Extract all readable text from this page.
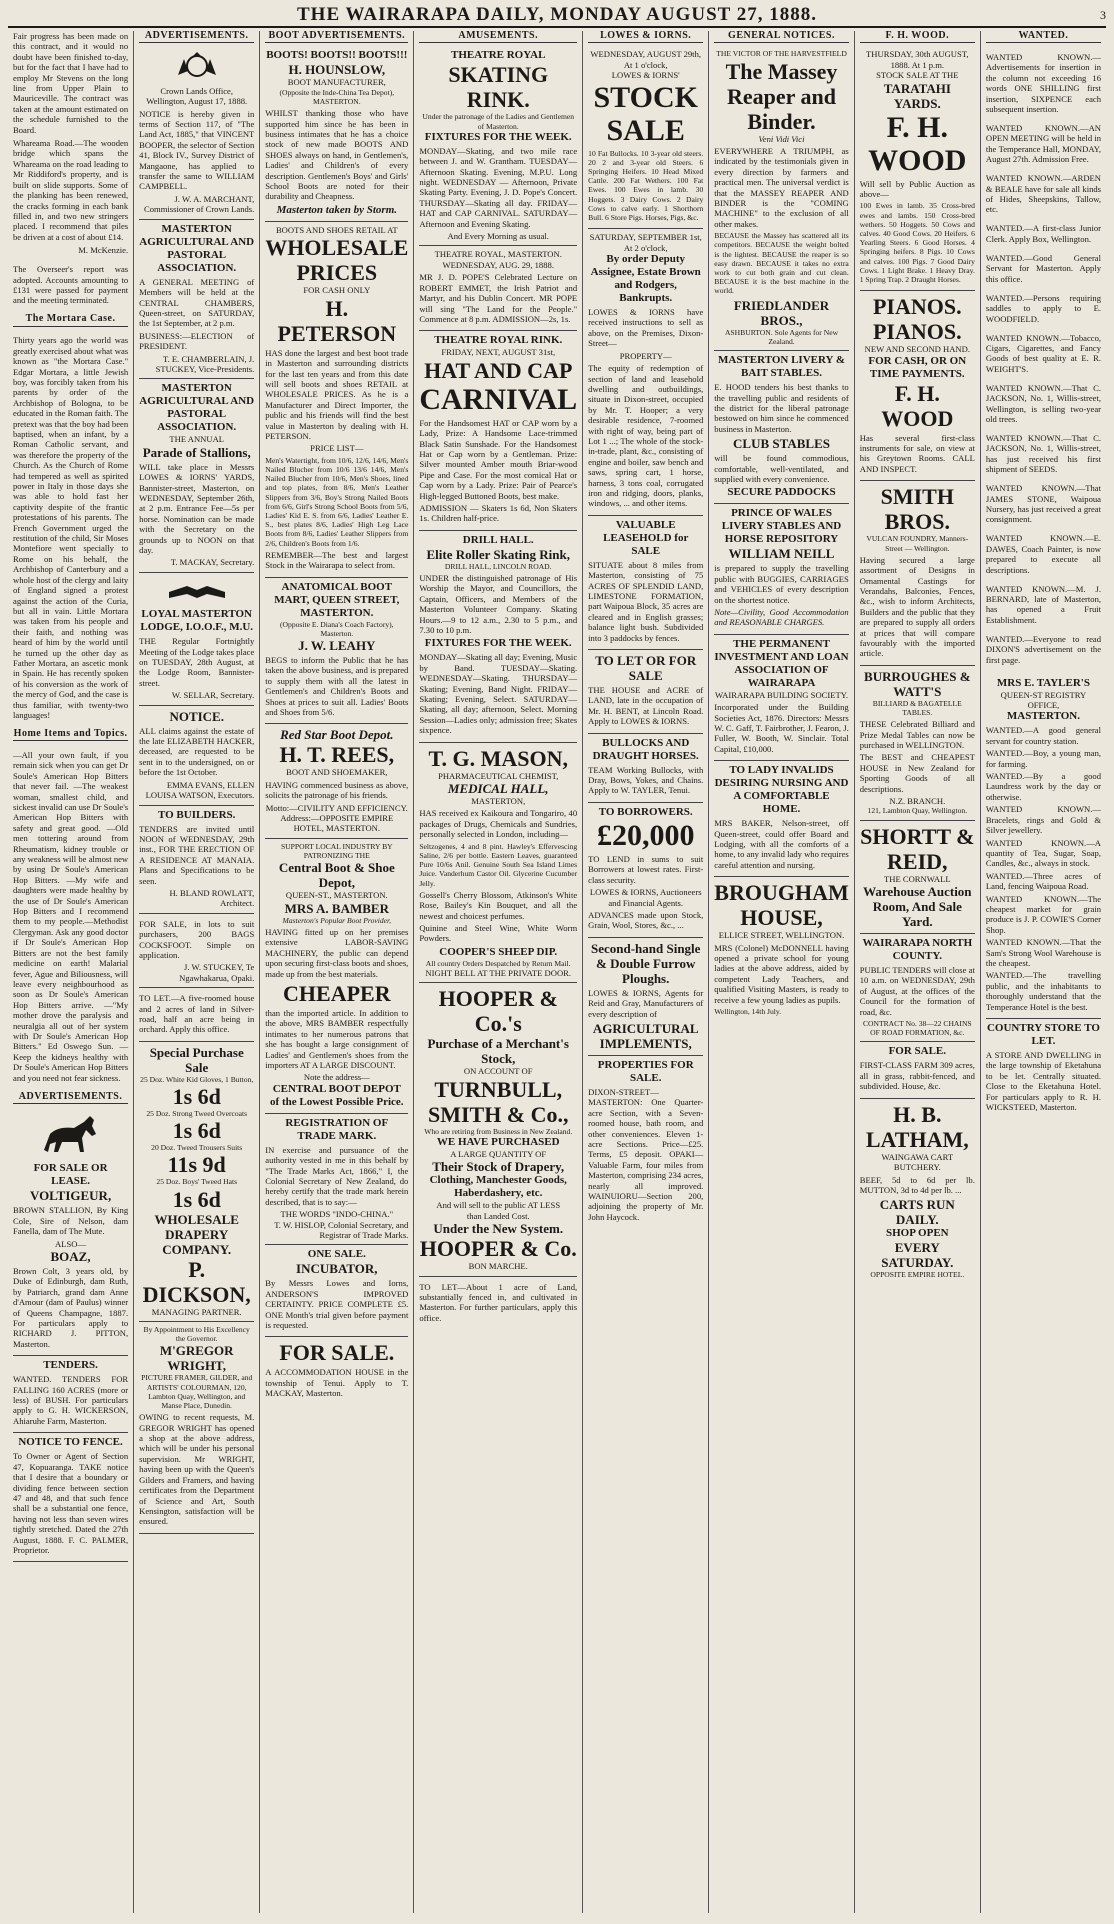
THE WAIRARAPA DAILY, MONDAY AUGUST 27, 1888.	3

Fair progress has been made on this contract, and it would no doubt have been finished to-day, but for the fact that I have had to employ Mr Stevens on the long line from Upper Plain to Mauriceville. The contract was taken at the amount estimated on the schedule furnished to the Board.

Whareama Road.—The wooden bridge which spans the Whareama on the road leading to Mr Riddiford's property, and is built on slide supports. Some of the planking has been renewed, the cracks forming in each bank filled in, and two new stringers placed. I recommend that piles be driven at a cost of about £14.

M. McKenzie.

The Overseer's report was adopted. Accounts amounting to £131 were passed for payment and the meeting terminated.

The Mortara Case.

Thirty years ago the world was greatly exercised about what was known as "the Mortara Case." Edgar Mortara, a little Jewish boy, was forcibly taken from his parents by order of the Archbishop of Bologna, to be educated in the Roman faith. The pretext was that the boy had been baptised, when an infant, by a Roman Catholic servant, and was therefore the property of the Church. As the Church of Rome had tempered as well as spirited power in Italy in those days she was able to hold fast her captivity despite of the frantic protestations of his parents. The French Government urged the restitution of the child, Sir Moses Montefiore went specially to Rome on his behalf, the Archbishop of Canterbury and a whole host of the clergy and laity of England signed a protest against the action of the Curia, but all in vain. Little Mortara was taken from his people and their faith, and nothing was heard of him by the world until he turned up the other day as Father Mortara, an ascetic monk in Spain. He has recently spoken of his conversion as the work of the mercy of God, and the case is thus familiar, with twenty-two languages!

Home Items and Topics.

—All your own fault, if you remain sick when you can get Dr Soule's American Hop Bitters that never fail. —The weakest woman, smallest child, and sickest invalid can use Dr Soule's American Hop Bitters with safety and great good. —Old men tottering around from Rheumatism, kidney trouble or any weakness will be almost new by using Dr Soule's American Hop Bitters. —My wife and daughters were made healthy by the use of Dr Soule's American Hop Bitters and I recommend them to my people.—Methodist Clergyman. Ask any good doctor if Dr Soule's American Hop Bitters are not the best family medicine on earth! Malarial fever, Ague and Biliousness, will leave every neighbourhood as soon as Dr Soule's American Hop Bitters arrive. —"My mother drove the paralysis and neuralgia all out of her system with Dr Soule's American Hop Bitters." Ed Oswego Sun. —Keep the kidneys healthy with Dr Soule's American Hop Bitters and you need not fear sickness.

ADVERTISEMENTS.
FOR SALE OR LEASE.
VOLTIGEUR,

BROWN STALLION, By King Cole, Sire of Nelson, dam Fanella, dam of The Mute.

ALSO—
BOAZ,

Brown Colt, 3 years old, by Duke of Edinburgh, dam Ruth, by Patriarch, grand dam Anne d'Amour (dam of Paulus) winner of Queens Champagne, 1887. For particulars apply to RICHARD J. PITTON, Masterton.

TENDERS.

WANTED. TENDERS FOR FALLING 160 ACRES (more or less) of BUSH. For particulars apply to G. H. WICKERSON, Ahiaruhe Farm, Masterton.

NOTICE TO FENCE.

To Owner or Agent of Section 47, Kopuaranga. TAKE notice that I desire that a boundary or dividing fence between section 47 and 48, and that such fence shall be a substantial one fence, having not less than seven wires tightly stretched. Dated the 27th August, 1888. F. C. PALMER, Proprietor.

ADVERTISEMENTS.
Crown Lands Office,
Wellington, August 17, 1888.

NOTICE is hereby given in terms of Section 117, of "The Land Act, 1885," that VINCENT BOOPER, the selector of Section 41, Block IV., Survey District of Mangaone, has applied to transfer the same to WILLIAM CAMPBELL.

J. W. A. MARCHANT, Commissioner of Crown Lands.
MASTERTON AGRICULTURAL AND PASTORAL ASSOCIATION.

A GENERAL MEETING of Members will be held at the CENTRAL CHAMBERS, Queen-street, on SATURDAY, the 1st September, at 2 p.m.

BUSINESS:—ELECTION of PRESIDENT.

T. E. CHAMBERLAIN, J. STUCKEY, Vice-Presidents.
MASTERTON AGRICULTURAL AND PASTORAL ASSOCIATION.
THE ANNUAL
Parade of Stallions,

WILL take place in Messrs LOWES & IORNS' YARDS, Bannister-street, Masterton, on WEDNESDAY, September 26th, at 2 p.m. Entrance Fee—5s per horse. Nomination can be made with the Secretary on the grounds up to NOON on that day.

T. MACKAY, Secretary.
LOYAL MASTERTON LODGE, I.O.O.F., M.U.

THE Regular Fortnightly Meeting of the Lodge takes place on TUESDAY, 28th August, at the Lodge Room, Bannister-street.

W. SELLAR, Secretary.
NOTICE.

ALL claims against the estate of the late ELIZABETH HACKER, deceased, are requested to be sent in to the undersigned, on or before the 1st October.

EMMA EVANS, ELLEN LOUISA WATSON, Executors.
TO BUILDERS.

TENDERS are invited until NOON of WEDNESDAY, 29th inst., FOR THE ERECTION OF A RESIDENCE AT MANAIA. Plans and Specifications to be seen.

H. BLAND ROWLATT, Architect.

FOR SALE, in lots to suit purchasers, 200 BAGS COCKSFOOT. Simple on application.

J. W. STUCKEY, Te Ngawhakarua, Opaki.

TO LET.—A five-roomed house and 2 acres of land in Silver-road, half an acre being in orchard. Apply this office.

Special Purchase Sale
25 Doz. White Kid Gloves, 1 Button,
1s 6d
25 Doz. Strong Tweed Overcoats
1s 6d
20 Doz. Tweed Trousers Suits
11s 9d
25 Doz. Boys' Tweed Hats
1s 6d
WHOLESALE
DRAPERY
COMPANY.
P. DICKSON,
MANAGING PARTNER.
By Appointment to His Excellency the Governor.
M'GREGOR WRIGHT,
PICTURE FRAMER, GILDER, and ARTISTS' COLOURMAN, 120, Lambton Quay, Wellington, and Manse Place, Dunedin.

OWING to recent requests, M. GREGOR WRIGHT has opened a shop at the above address, which will be under his personal supervision. Mr WRIGHT, having been up with the Queen's Gilders and Framers, and having certificates from the Department of Science and Art, South Kensington, satisfaction will be ensured.

BOOT ADVERTISEMENTS.
BOOTS! BOOTS!! BOOTS!!!
H. HOUNSLOW,
BOOT MANUFACTURER,
(Opposite the Inde-China Tea Depot), MASTERTON.

WHILST thanking those who have supported him since he has been in business intimates that he has a choice stock of new made BOOTS AND SHOES always on hand, in Gentlemen's, Ladies' and Children's of every description. Gentlemen's Boys' and Girls' School Boots are noted for their durability and Cheapness.

Masterton taken by Storm.
BOOTS AND SHOES RETAIL AT
WHOLESALE
PRICES
FOR CASH ONLY
H. PETERSON

HAS done the largest and best boot trade in Masterton and surrounding districts for the last ten years and from this date will sell boots and shoes RETAIL at WHOLESALE PRICES. As he is a Manufacturer and Direct Importer, the public and his friends will find the best value in Masterton by dealing with H. PETERSON.

PRICE LIST—

Men's Watertight, from 10/6, 12/6, 14/6, Men's Nailed Blucher from 10/6 13/6 14/6, Men's Nailed Blucher from 10/6, Men's Shoes, lined and top plates, from 8/6, Men's Leather Slippers from 3/6, Boy's Strong Nailed Boots from 6/6, Girl's Strong School Boots from 5/6, Ladies' Kid E. S. from 6/6, Ladies' Leather E. S., best plates 8/6, Ladies' High Leg Lace Boots from 8/6, Ladies' Leather Slippers from 2/6, Children's Boots from 1/6.

REMEMBER—The best and largest Stock in the Wairarapa to select from.

ANATOMICAL BOOT MART, QUEEN STREET, MASTERTON.
(Opposite E. Diana's Coach Factory), Masterton.
J. W. LEAHY

BEGS to inform the Public that he has taken the above business, and is prepared to supply them with all the latest in Gentlemen's and Children's Boots and Shoes at prices to suit all. Ladies' Boots and Shoes from 5/6.

Red Star Boot Depot.
H. T. REES,
BOOT AND SHOEMAKER,

HAVING commenced business as above, solicits the patronage of his friends.

Motto:—CIVILITY AND EFFICIENCY.
Address:—OPPOSITE EMPIRE HOTEL, MASTERTON.
SUPPORT LOCAL INDUSTRY BY PATRONIZING THE
Central Boot & Shoe Depot,
QUEEN-ST., MASTERTON.
MRS A. BAMBER
Masterton's Popular Boot Provider,

HAVING fitted up on her premises extensive LABOR-SAVING MACHINERY, the public can depend upon securing first-class boots and shoes, made up from the best materials.

CHEAPER

than the imported article. In addition to the above, MRS BAMBER respectfully intimates to her numerous patrons that she has bought a large consignment of Ladies' and Gentlemen's shoes from the importers AT A LARGE DISCOUNT.

Note the address—
CENTRAL BOOT DEPOT
of the Lowest Possible Price.
REGISTRATION OF TRADE MARK.

IN exercise and pursuance of the authority vested in me in this behalf by "The Trade Marks Act, 1866," I, the Colonial Secretary of New Zealand, do hereby certify that the trade mark herein described, that is to say:—

THE WORDS "INDO-CHINA."
T. W. HISLOP, Colonial Secretary, and Registrar of Trade Marks.
ONE SALE.
INCUBATOR,

By Messrs Lowes and Iorns, ANDERSON'S IMPROVED CERTAINTY. PRICE COMPLETE £5. ONE Month's trial given before payment is requested.

FOR SALE.

A ACCOMMODATION HOUSE in the township of Tenui. Apply to T. MACKAY, Masterton.

AMUSEMENTS.
THEATRE ROYAL
SKATING RINK.
Under the patronage of the Ladies and Gentlemen of Masterton.
FIXTURES FOR THE WEEK.

MONDAY—Skating, and two mile race between J. and W. Grantham. TUESDAY—Afternoon Skating. Evening, M.P.U. Long night. WEDNESDAY — Afternoon, Private Skating Party. Evening, J. D. Pope's Concert. THURSDAY—Skating all day. FRIDAY—HAT and CAP CARNIVAL. SATURDAY—Afternoon and Evening Skating.

And Every Morning as usual.
THEATRE ROYAL, MASTERTON. WEDNESDAY, AUG. 29, 1888.

MR J. D. POPE'S Celebrated Lecture on ROBERT EMMET, the Irish Patriot and Martyr, and his Dublin Concert. MR POPE will sing "The Land for the People." Commence at 8 p.m. ADMISSION—2s, 1s.

THEATRE ROYAL RINK.
FRIDAY, NEXT, AUGUST 31st,
HAT AND CAP
CARNIVAL

For the Handsomest HAT or CAP worn by a Lady, Prize: A Handsome Lace-trimmed Black Satin Sunshade. For the Handsomest Hat or Cap worn by a Gentleman. Prize: Silver mounted Amber mouth Briar-wood Pipe and Case. For the most comical Hat or Cap worn by a Lady. Prize: Pair of Pearce's High-legged Buttoned Boots, best make.

ADMISSION — Skaters 1s 6d, Non Skaters 1s. Children half-price.

DRILL HALL.
Elite Roller Skating Rink,
DRILL HALL, LINCOLN ROAD.

UNDER the distinguished patronage of His Worship the Mayor, and Councillors, the Captain, Officers, and Members of the Masterton Volunteer Company. Skating Hours.—9 to 12 a.m., 2.30 to 5 p.m., and 7.30 to 10 p.m.

FIXTURES FOR THE WEEK.

MONDAY—Skating all day; Evening, Music by Band. TUESDAY—Skating. WEDNESDAY—Skating. THURSDAY—Skating; Evening, Band Night. FRIDAY—Skating; Evening, Select. SATURDAY—Skating, all day; afternoon, Select. Morning Session—Ladies only; admission free; Skates sixpence.

T. G. MASON,
PHARMACEUTICAL CHEMIST,
MEDICAL HALL,
MASTERTON,

HAS received ex Kaikoura and Tongariro, 40 packages of Drugs, Chemicals and Sundries, personally selected in London, including—

Seltzogenes, 4 and 8 pint. Hawley's Effervescing Saline, 2/6 per bottle. Eastern Leaves, guaranteed Pure 10/6s Anil. Genuine South Sea Island Limes Juice. Vanderhum Castor Oil. Glycerine Cucumber Jelly.

Gossell's Cherry Blossom, Atkinson's White Rose, Bailey's Kin Bouquet, and all the newest and choicest perfumes.

Quinine and Steel Wine, White Worm Powders.

COOPER'S SHEEP DIP.
All country Orders Despatched by Return Mail.
NIGHT BELL AT THE PRIVATE DOOR.
HOOPER & Co.'s
Purchase of a Merchant's
Stock,
ON ACCOUNT OF
TURNBULL, SMITH & Co.,
Who are retiring from Business in New Zealand.
WE HAVE PURCHASED
A LARGE QUANTITY OF
Their Stock of Drapery,
Clothing, Manchester Goods,
Haberdashery, etc.
And will sell to the public AT LESS
than Landed Cost.
Under the New System.
HOOPER & Co.
BON MARCHE.

TO LET—About 1 acre of Land, substantially fenced in, and cultivated in Masterton. For further particulars, apply this office.

LOWES & IORNS.
WEDNESDAY, AUGUST 29th, At 1 o'clock,
LOWES & IORNS'
STOCK SALE

10 Fat Bullocks. 10 3-year old steers. 20 2 and 3-year old Steers. 6 Springing Heifers. 10 Head Mixed Cattle. 200 Fat Wethers. 100 Fat Ewes. 100 Ewes in lamb. 30 Hoggets. 3 Dairy Cows. 2 Dairy Cows to calve early. 1 Shorthorn Bull. 6 Store Pigs. Horses, Pigs, &c.

SATURDAY, SEPTEMBER 1st, At 2 o'clock,
By order Deputy Assignee, Estate Brown and Rodgers, Bankrupts.

LOWES & IORNS have received instructions to sell as above, on the Premises, Dixon-Street—

PROPERTY—

The equity of redemption of section of land and leasehold dwelling and outbuildings, situate in Dixon-street, occupied by Mr. T. Hooper; a very desirable residence, 7-roomed with right of way, being part of Lot 1 ...; The whole of the stock-in-trade, plant, &c., consisting of engine and boiler, saw bench and saws, spring cart, 1 horse, harness, 3 tons coal, corrugated iron and ridging, doors, planks, windows, ... and other items.

VALUABLE LEASEHOLD for SALE

SITUATE about 8 miles from Masterton, consisting of 75 ACRES OF SPLENDID LAND, LIMESTONE FORMATION, part Waipoua Block, 35 acres are cleared and in English grasses; balance light bush. Subdivided into 3 paddocks by fences.

TO LET OR FOR SALE

THE HOUSE and ACRE of LAND, late in the occupation of Mr. H. BENT, at Lincoln Road. Apply to LOWES & IORNS.

BULLOCKS AND DRAUGHT HORSES.

TEAM Working Bullocks, with Dray, Bows, Yokes, and Chains. Apply to W. TAYLER, Tenui.

TO BORROWERS.
£20,000

TO LEND in sums to suit Borrowers at lowest rates. First-class security.

LOWES & IORNS, Auctioneers and Financial Agents.

ADVANCES made upon Stock, Grain, Wool, Stores, &c., ...

Second-hand Single & Double Furrow Ploughs.

LOWES & IORNS, Agents for Reid and Gray, Manufacturers of every description of

AGRICULTURAL IMPLEMENTS,
PROPERTIES FOR SALE.

DIXON-STREET—MASTERTON: One Quarter-acre Section, with a Seven-roomed house, bath room, and other conveniences. Eleven 1-acre Sections. Price—£25. Terms, £5 deposit. OPAKI—Valuable Farm, four miles from Masterton, comprising 234 acres, nearly all improved. WAINUIORU—Section 200, adjoining the property of Mr. John Haycock.

GENERAL NOTICES.
THE VICTOR OF THE HARVESTFIELD
The Massey Reaper and Binder.
Veni Vidi Vici

EVERYWHERE A TRIUMPH, as indicated by the testimonials given in every direction by farmers and practical men. The universal verdict is that the MASSEY REAPER AND BINDER is the "COMING MACHINE" to the exclusion of all other makes.

BECAUSE the Massey has scattered all its competitors. BECAUSE the weight bolted is the lightest. BECAUSE the reaper is so easy drawn. BECAUSE it takes no extra work to cut both grain and cut clean. BECAUSE it is the best machine in the world.

FRIEDLANDER BROS.,
ASHBURTON. Sole Agents for New Zealand.
MASTERTON LIVERY & BAIT STABLES.

E. HOOD tenders his best thanks to the travelling public and residents of the district for the liberal patronage bestowed on him since he commenced business in Masterton.

CLUB STABLES

will be found commodious, comfortable, well-ventilated, and supplied with every convenience.

SECURE PADDOCKS
PRINCE OF WALES LIVERY STABLES AND HORSE REPOSITORY
WILLIAM NEILL

is prepared to supply the travelling public with BUGGIES, CARRIAGES and VEHICLES of every description on the shortest notice.

Note—Civility, Good Accommodation and REASONABLE CHARGES.

THE PERMANENT INVESTMENT AND LOAN ASSOCIATION OF WAIRARAPA
WAIRARAPA BUILDING SOCIETY.

Incorporated under the Building Societies Act, 1876. Directors: Messrs W. C. Gaff, T. Fairbrother, J. Fearon, J. Fuller, W. Booth, W. Sinclair. Total Capital, £10,000.

TO LADY INVALIDS DESIRING NURSING AND A COMFORTABLE HOME.

MRS BAKER, Nelson-street, off Queen-street, could offer Board and Lodging, with all the comforts of a home, to any invalid lady who requires careful attention and nursing.

BROUGHAM HOUSE,
ELLICE STREET, WELLINGTON.

MRS (Colonel) McDONNELL having opened a private school for young ladies at the above address, aided by competent Lady Teachers, and qualified Visiting Masters, is ready to receive a few young ladies as pupils.

Wellington, 14th July.
F. H. WOOD.
THURSDAY, 30th AUGUST, 1888. At 1 p.m.
STOCK SALE AT THE
TARATAHI YARDS.
F. H. WOOD

Will sell by Public Auction as above—

100 Ewes in lamb. 35 Cross-bred ewes and lambs. 150 Cross-bred wethers. 50 Hoggets. 50 Cows and calves. 40 Good Cows. 20 Heifers. 6 Yearling Steers. 6 Good Horses. 4 Springing heifers. 8 Pigs. 10 Cows and calves. 100 Pigs. 7 Good Dairy Cows. 1 Light Brake. 1 Heavy Dray. 1 Spring Trap. 2 Draught Horses.

PIANOS. PIANOS.
NEW AND SECOND HAND.
FOR CASH, OR ON TIME PAYMENTS.
F. H. WOOD

Has several first-class instruments for sale, on view at his Greytown Rooms. CALL AND INSPECT.

SMITH BROS.
VULCAN FOUNDRY, Manners-Street — Wellington.

Having secured a large assortment of Designs in Ornamental Castings for Verandahs, Balconies, Fences, &c., wish to inform Architects, Builders and the public that they are prepared to supply all orders at prices that will compare favourably with the imported article.

BURROUGHES & WATT'S
BILLIARD & BAGATELLE TABLES.

THESE Celebrated Billiard and Prize Medal Tables can now be purchased in WELLINGTON.

The BEST and CHEAPEST HOUSE in New Zealand for Sporting Goods of all descriptions.

N.Z. BRANCH.
121, Lambton Quay, Wellington.
SHORTT & REID,
THE CORNWALL
Warehouse Auction Room, And Sale Yard.
WAIRARAPA NORTH COUNTY.

PUBLIC TENDERS will close at 10 a.m. on WEDNESDAY, 29th of August, at the offices of the Council for the formation of road, &c.

CONTRACT No. 38—22 CHAINS OF ROAD FORMATION, &c.
FOR SALE.

FIRST-CLASS FARM 309 acres, all in grass, rabbit-fenced, and subdivided. House, &c.

H. B. LATHAM,
WAINGAWA CART BUTCHERY.

BEEF, 5d to 6d per lb. MUTTON, 3d to 4d per lb. ...

CARTS RUN DAILY.
SHOP OPEN
EVERY SATURDAY.
OPPOSITE EMPIRE HOTEL.
WANTED.

WANTED KNOWN.—Advertisements for insertion in the column not exceeding 16 words ONE SHILLING first insertion, SIXPENCE each subsequent insertion.

WANTED KNOWN.—AN OPEN MEETING will be held in the Temperance Hall, MONDAY, August 27th. Admission Free.

WANTED KNOWN.—ARDEN & BEALE have for sale all kinds of Hides, Sheepskins, Tallow, etc.

WANTED.—A first-class Junior Clerk. Apply Box, Wellington.

WANTED.—Good General Servant for Masterton. Apply this office.

WANTED.—Persons requiring saddles to apply to E. WOODFIELD.

WANTED KNOWN.—Tobacco, Cigars, Cigarettes, and Fancy Goods of best quality at E. R. WEIGHT'S.

WANTED KNOWN.—That C. JACKSON, No. 1, Willis-street, Wellington, is selling two-year old trees.

WANTED KNOWN.—That C. JACKSON, No. 1, Willis-street, has just received his first shipment of SEEDS.

WANTED KNOWN.—That JAMES STONE, Waipoua Nursery, has just received a great consignment.

WANTED KNOWN.—E. DAWES, Coach Painter, is now prepared to execute all descriptions.

WANTED KNOWN.—M. J. BERNARD, late of Masterton, has opened a Fruit Establishment.

WANTED.—Everyone to read DIXON'S advertisement on the first page.

MRS E. TAYLER'S
QUEEN-ST REGISTRY OFFICE,
MASTERTON.

WANTED.—A good general servant for country station.

WANTED.—Boy, a young man, for farming.

WANTED.—By a good Laundress work by the day or otherwise.

WANTED KNOWN.—Bracelets, rings and Gold & Silver jewellery.

WANTED KNOWN.—A quantity of Tea, Sugar, Soap, Candles, &c., always in stock.

WANTED.—Three acres of Land, fencing Waipoua Road.

WANTED KNOWN.—The cheapest market for grain produce is J. P. COWIE'S Corner Shop.

WANTED KNOWN.—That the Sam's Strong Wool Warehouse is the cheapest.

WANTED.—The travelling public, and the inhabitants to thoroughly understand that the Temperance Hotel is the best.

COUNTRY STORE TO LET.

A STORE AND DWELLING in the large township of Eketahuna to be let. Centrally situated. Close to the Eketahuna Hotel. For particulars apply to R. H. WICKSTEED, Masterton.
